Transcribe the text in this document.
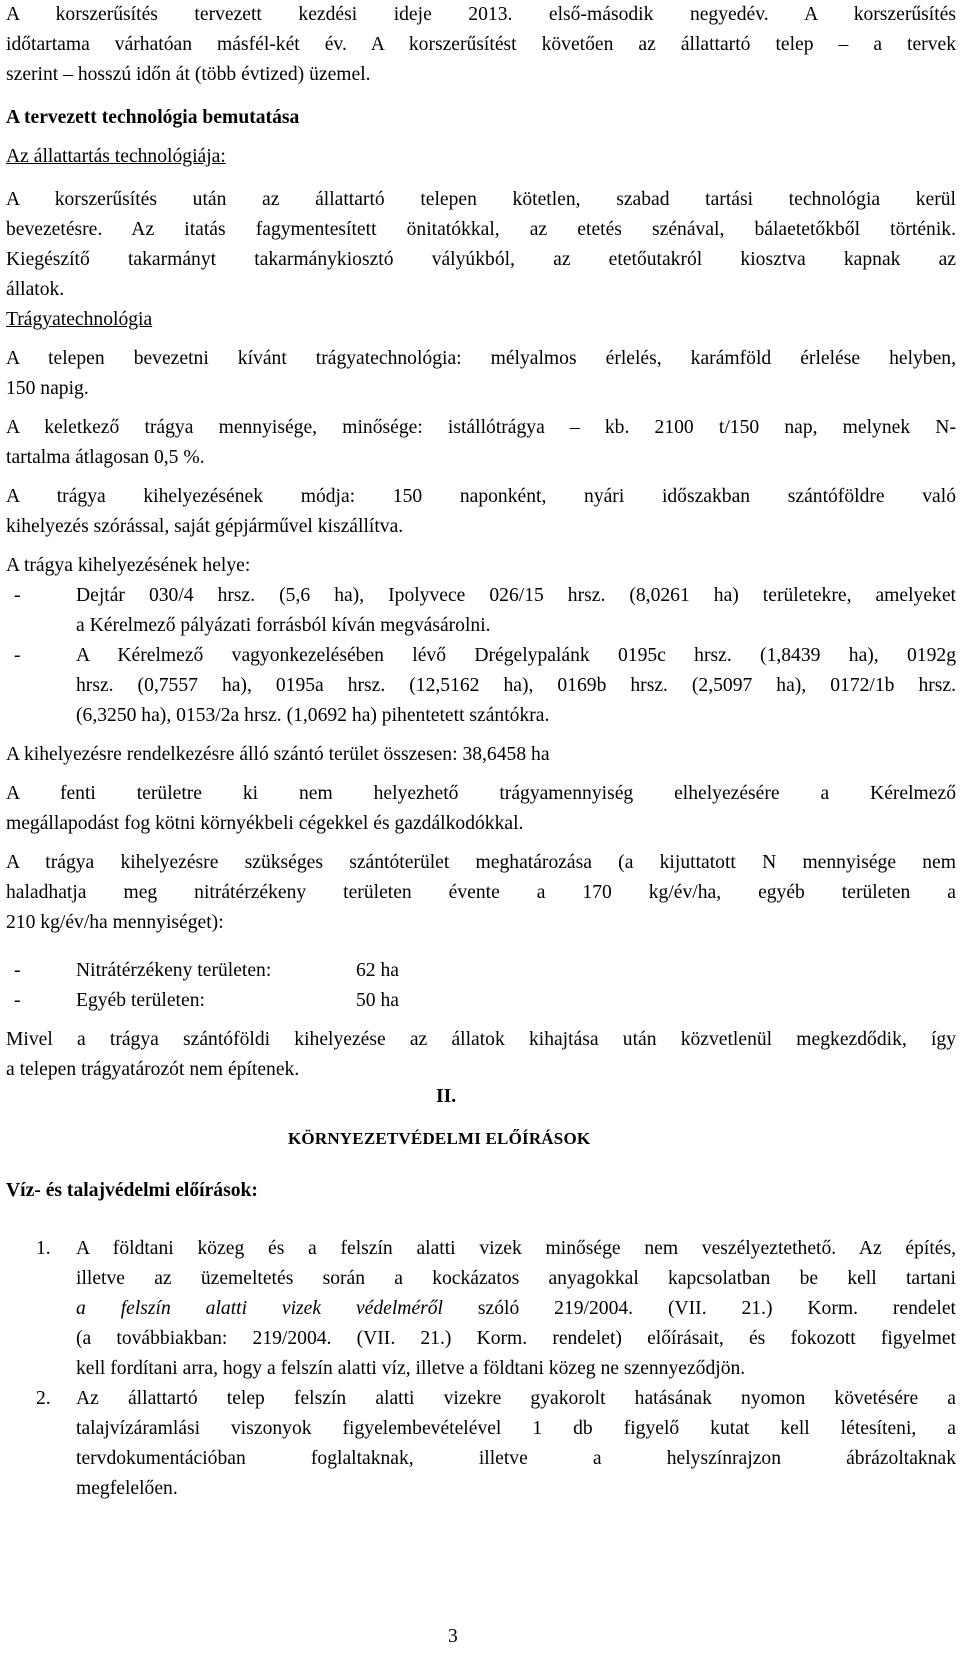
A korszerűsítés tervezett kezdési ideje 2013. első-második negyedév. A korszerűsítés

időtartama várhatóan másfél-két év. A korszerűsítést követően az állattartó telep – a tervek

szerint – hosszú időn át (több évtized) üzemel.

A tervezett technológia bemutatása

Az állattartás technológiája:

A korszerűsítés után az állattartó telepen kötetlen, szabad tartási technológia kerül

bevezetésre. Az itatás fagymentesített önitatókkal, az etetés szénával, bálaetetőkből történik.

Kiegészítő takarmányt takarmánykiosztó vályúkból, az etetőutakról kiosztva kapnak az

állatok.

Trágyatechnológia

A telepen bevezetni kívánt trágyatechnológia: mélyalmos érlelés, karámföld érlelése helyben,

150 napig.

A keletkező trágya mennyisége, minősége: istállótrágya – kb. 2100 t/150 nap, melynek N-

tartalma átlagosan 0,5 %.

A trágya kihelyezésének módja: 150 naponként, nyári időszakban szántóföldre való

kihelyezés szórással, saját gépjárművel kiszállítva.

A trágya kihelyezésének helye:

-	Dejtár 030/4 hrsz. (5,6 ha), Ipolyvece 026/15 hrsz. (8,0261 ha) területekre, amelyeket

a Kérelmező pályázati forrásból kíván megvásárolni.

-	A Kérelmező vagyonkezelésében lévő Drégelypalánk 0195c hrsz. (1,8439 ha), 0192g

hrsz. (0,7557 ha), 0195a hrsz. (12,5162 ha), 0169b hrsz. (2,5097 ha), 0172/1b hrsz.

(6,3250 ha), 0153/2a hrsz. (1,0692 ha) pihentetett szántókra.

A kihelyezésre rendelkezésre álló szántó terület összesen: 38,6458 ha

A fenti területre ki nem helyezhető trágyamennyiség elhelyezésére a Kérelmező

megállapodást fog kötni környékbeli cégekkel és gazdálkodókkal.

A trágya kihelyezésre szükséges szántóterület meghatározása (a kijuttatott N mennyisége nem

haladhatja meg nitrátérzékeny területen évente a 170 kg/év/ha, egyéb területen a

210 kg/év/ha mennyiséget):

-	Nitrátérzékeny területen:	62 ha
-	Egyéb területen:	50 ha

Mivel a trágya szántóföldi kihelyezése az állatok kihajtása után közvetlenül megkezdődik, így

a telepen trágyatározót nem építenek.

II.
KÖRNYEZETVÉDELMI ELŐÍRÁSOK
Víz- és talajvédelmi előírások:
1. A földtani közeg és a felszín alatti vizek minősége nem veszélyeztethető. Az építés,

illetve az üzemeltetés során a kockázatos anyagokkal kapcsolatban be kell tartani

a felszín alatti vizek védelméről szóló 219/2004. (VII. 21.) Korm. rendelet

(a továbbiakban: 219/2004. (VII. 21.) Korm. rendelet) előírásait, és fokozott figyelmet

kell fordítani arra, hogy a felszín alatti víz, illetve a földtani közeg ne szennyeződjön.

2. Az állattartó telep felszín alatti vizekre gyakorolt hatásának nyomon követésére a

talajvízáramlási viszonyok figyelembevételével 1 db figyelő kutat kell létesíteni, a

tervdokumentációban foglaltaknak, illetve a helyszínrajzon ábrázoltaknak

megfelelően.

3
